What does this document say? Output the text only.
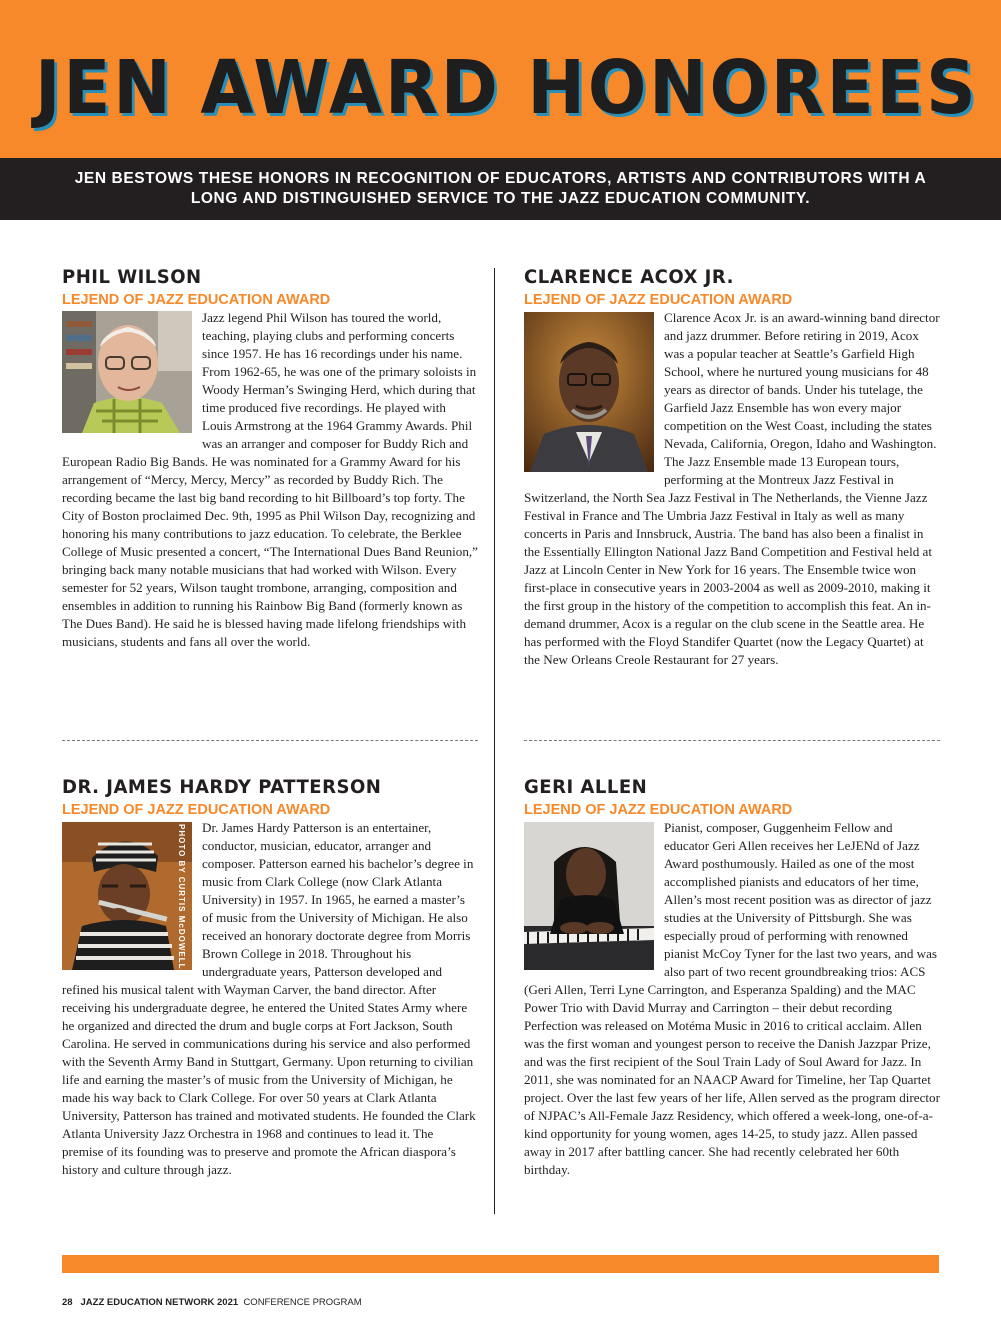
JEN AWARD HONOREES
JEN BESTOWS THESE HONORS IN RECOGNITION OF EDUCATORS, ARTISTS AND CONTRIBUTORS WITH A
LONG AND DISTINGUISHED SERVICE TO THE JAZZ EDUCATION COMMUNITY.
PHIL WILSON
LEJEND OF JAZZ EDUCATION AWARD

Jazz legend Phil Wilson has toured the world, teaching, playing clubs and performing concerts since 1957. He has 16 recordings under his name. From 1962-65, he was one of the primary soloists in Woody Herman’s Swinging Herd, which during that time produced five recordings. He played with Louis Armstrong at the 1964 Grammy Awards. Phil was an arranger and composer for Buddy Rich and European Radio Big Bands. He was nominated for a Grammy Award for his arrangement of “Mercy, Mercy, Mercy” as recorded by Buddy Rich. The recording became the last big band recording to hit Billboard’s top forty. The City of Boston proclaimed Dec. 9th, 1995 as Phil Wilson Day, recognizing and honoring his many contributions to jazz education. To celebrate, the Berklee College of Music presented a concert, “The International Dues Band Reunion,” bringing back many notable musicians that had worked with Wilson. Every semester for 52 years, Wilson taught trombone, arranging, composition and ensembles in addition to running his Rainbow Big Band (formerly known as The Dues Band). He said he is blessed having made lifelong friendships with musicians, students and fans all over the world.

CLARENCE ACOX JR.
LEJEND OF JAZZ EDUCATION AWARD

Clarence Acox Jr. is an award-winning band director and jazz drummer. Before retiring in 2019, Acox was a popular teacher at Seattle’s Garfield High School, where he nurtured young musicians for 48 years as director of bands. Under his tutelage, the Garfield Jazz Ensemble has won every major competition on the West Coast, including the states Nevada, California, Oregon, Idaho and Washington. The Jazz Ensemble made 13 European tours, performing at the Montreux Jazz Festival in Switzerland, the North Sea Jazz Festival in The Netherlands, the Vienne Jazz Festival in France and The Umbria Jazz Festival in Italy as well as many concerts in Paris and Innsbruck, Austria. The band has also been a finalist in the Essentially Ellington National Jazz Band Competition and Festival held at Jazz at Lincoln Center in New York for 16 years. The Ensemble twice won first-place in consecutive years in 2003-2004 as well as 2009-2010, making it the first group in the history of the competition to accomplish this feat. An in-demand drummer, Acox is a regular on the club scene in the Seattle area. He has performed with the Floyd Standifer Quartet (now the Legacy Quartet) at the New Orleans Creole Restaurant for 27 years.

DR. JAMES HARDY PATTERSON
LEJEND OF JAZZ EDUCATION AWARD

PHOTO BY CURTIS McDOWELL	Dr. James Hardy Patterson is an entertainer, conductor, musician, educator, arranger and composer. Patterson earned his bachelor’s degree in music from Clark College (now Clark Atlanta University) in 1957. In 1965, he earned a master’s of music from the University of Michigan. He also received an honorary doctorate degree from Morris Brown College in 2018. Throughout his undergraduate years, Patterson developed and refined his musical talent with Wayman Carver, the band director. After receiving his undergraduate degree, he entered the United States Army where he organized and directed the drum and bugle corps at Fort Jackson, South Carolina. He served in communications during his service and also performed with the Seventh Army Band in Stuttgart, Germany. Upon returning to civilian life and earning the master’s of music from the University of Michigan, he made his way back to Clark College. For over 50 years at Clark Atlanta University, Patterson has trained and motivated students. He founded the Clark Atlanta University Jazz Orchestra in 1968 and continues to lead it. The premise of its founding was to preserve and promote the African diaspora’s history and culture through jazz.

GERI ALLEN
LEJEND OF JAZZ EDUCATION AWARD

Pianist, composer, Guggenheim Fellow and educator Geri Allen receives her LeJENd of Jazz Award posthumously. Hailed as one of the most accomplished pianists and educators of her time, Allen’s most recent position was as director of jazz studies at the University of Pittsburgh. She was especially proud of performing with renowned pianist McCoy Tyner for the last two years, and was also part of two recent groundbreaking trios: ACS (Geri Allen, Terri Lyne Carrington, and Esperanza Spalding) and the MAC Power Trio with David Murray and Carrington – their debut recording Perfection was released on Motéma Music in 2016 to critical acclaim. Allen was the first woman and youngest person to receive the Danish Jazzpar Prize, and was the first recipient of the Soul Train Lady of Soul Award for Jazz. In 2011, she was nominated for an NAACP Award for Timeline, her Tap Quartet project. Over the last few years of her life, Allen served as the program director of NJPAC’s All-Female Jazz Residency, which offered a week-long, one-of-a-kind opportunity for young women, ages 14-25, to study jazz. Allen passed away in 2017 after battling cancer. She had recently celebrated her 60th birthday.

28 JAZZ EDUCATION NETWORK 2021 CONFERENCE PROGRAM
